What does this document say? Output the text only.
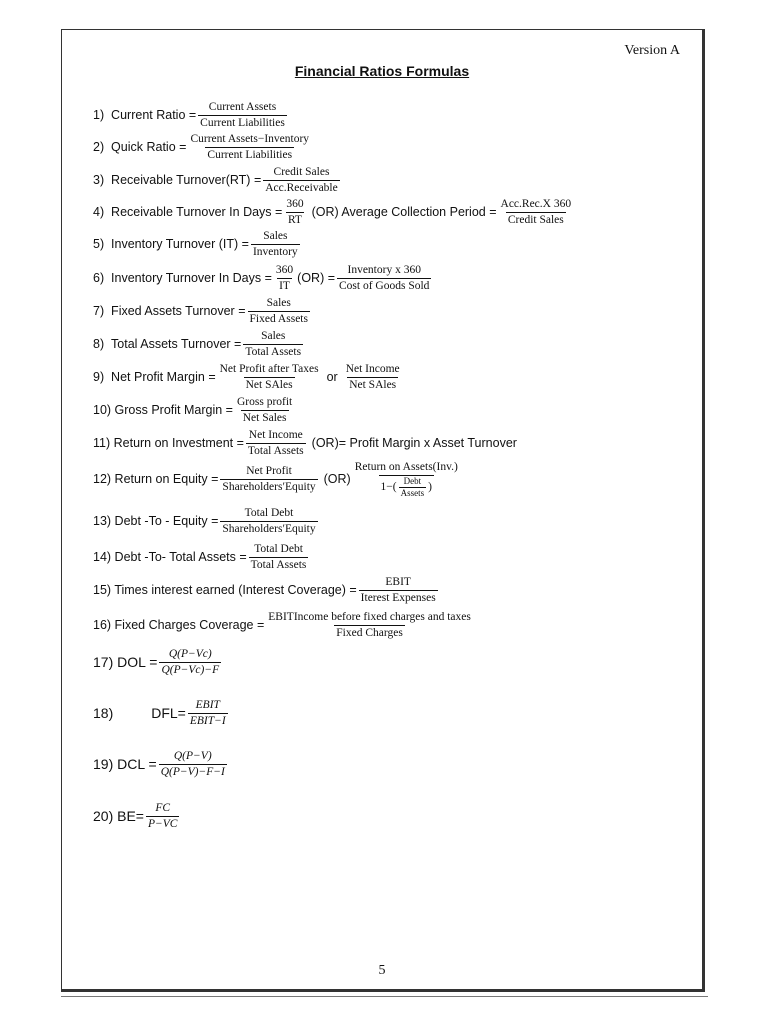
Version A
Financial Ratios Formulas
1)  Current Ratio = $\frac{\text{Current Assets}}{\text{Current Liabilities}}$
2)  Quick Ratio = $\frac{\text{Current Assets−Inventory}}{\text{Current Liabilities}}$
3)  Receivable Turnover(RT) = $\frac{\text{Credit Sales}}{\text{Acc.Receivable}}$
4)  Receivable Turnover In Days = $\frac{360}{RT} (OR)$ Average Collection Period = $\frac{\text{Acc.Rec.X 360}}{\text{Credit Sales}}$
5)  Inventory Turnover $(IT) = \frac{\text{Sales}}{\text{Inventory}}$
6)  Inventory Turnover In Days = $\frac{360}{IT} (OR) = \frac{\text{Inventory x 360}}{\text{Cost of Goods Sold}}$
7)  Fixed Assets Turnover = $\frac{\text{Sales}}{\text{Fixed Assets}}$
8)  Total Assets Turnover = $\frac{\text{Sales}}{\text{Total Assets}}$
9)  Net Profit Margin = $\frac{\text{Net Profit after Taxes}}{\text{Net SAles}}$ or $\frac{\text{Net Income}}{\text{Net SAles}}$
10) Gross Profit Margin = $\frac{\text{Gross profit}}{\text{Net Sales}}$
11) Return on Investment = $\frac{\text{Net Income}}{\text{Total Assets}} (OR)=$ Profit Margin x Asset Turnover
12) Return on Equity = $\frac{\text{Net Profit}}{\text{Shareholders′Equity}} (OR)$
Return on Assets(Inv.)
$1-( \frac{\text{Debt}}{\text{Assets}}$ )
13) Debt -To - Equity = $\frac{\text{Total Debt}}{\text{Shareholders′Equity}}$
14) Debt -To- Total Assets = $\frac{\text{Total Debt}}{\text{Total Assets}}$
15) Times interest earned (Interest Coverage) = $\frac{\text{EBIT}}{\text{Iterest Expenses}}$
16) Fixed Charges Coverage = $\frac{\text{EBITIncome before fixed charges and taxes}}{\text{Fixed Charges}}$
17) DOL = $\frac{Q(P-Vc)}{Q(P-Vc)-F}$
18)	$DFL= \frac{\text{EBIT}}{\text{EBIT−I}}$
19) DCL = $\frac{Q(P-V)}{Q(P-V)-F-I}$
20) $BE= \frac{FC}{P-VC}$
5
